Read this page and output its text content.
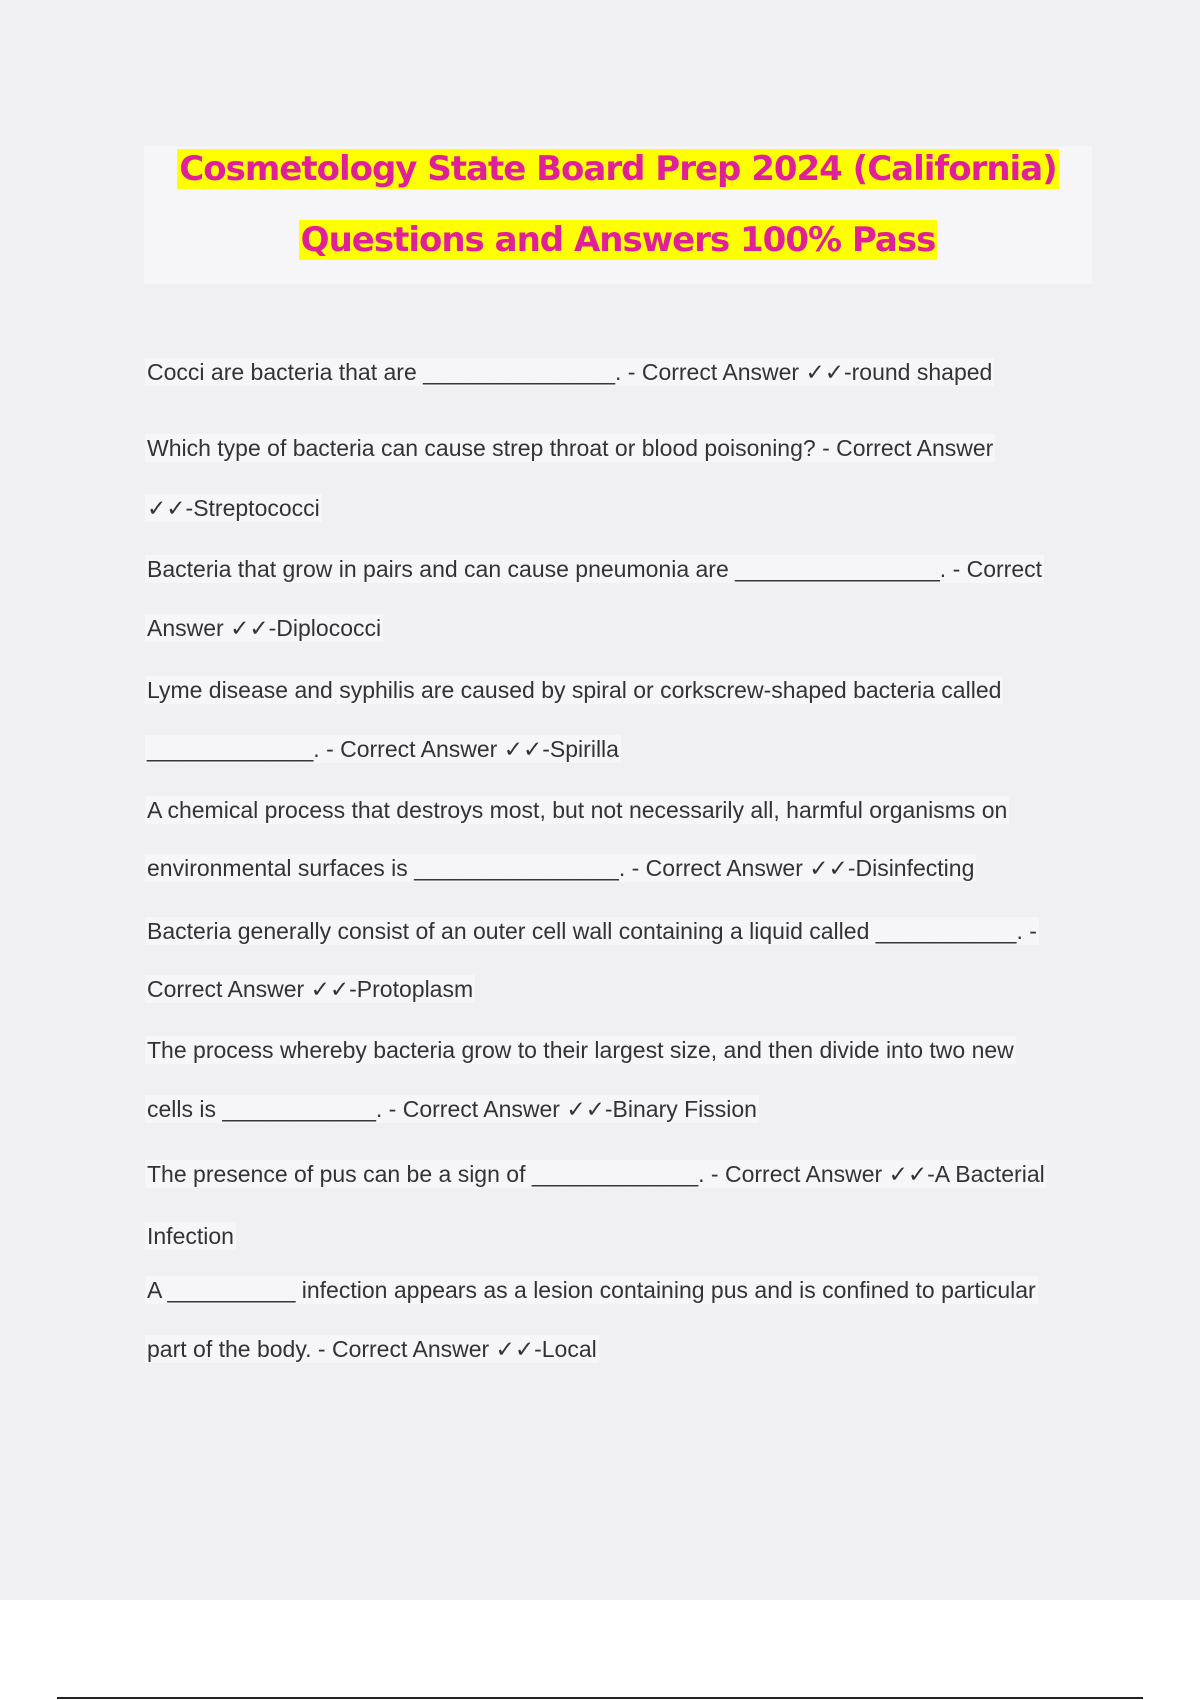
Cosmetology State Board Prep 2024 (California)
Questions and Answers 100% Pass
Cocci are bacteria that are _______________. - Correct Answer ✓✓-round shaped
Which type of bacteria can cause strep throat or blood poisoning? - Correct Answer
✓✓-Streptococci
Bacteria that grow in pairs and can cause pneumonia are ________________. - Correct
Answer ✓✓-Diplococci
Lyme disease and syphilis are caused by spiral or corkscrew-shaped bacteria called
_____________. - Correct Answer ✓✓-Spirilla
A chemical process that destroys most, but not necessarily all, harmful organisms on
environmental surfaces is ________________. - Correct Answer ✓✓-Disinfecting
Bacteria generally consist of an outer cell wall containing a liquid called ___________. -
Correct Answer ✓✓-Protoplasm
The process whereby bacteria grow to their largest size, and then divide into two new
cells is ____________. - Correct Answer ✓✓-Binary Fission
The presence of pus can be a sign of _____________. - Correct Answer ✓✓-A Bacterial
Infection
A __________ infection appears as a lesion containing pus and is confined to particular
part of the body. - Correct Answer ✓✓-Local
